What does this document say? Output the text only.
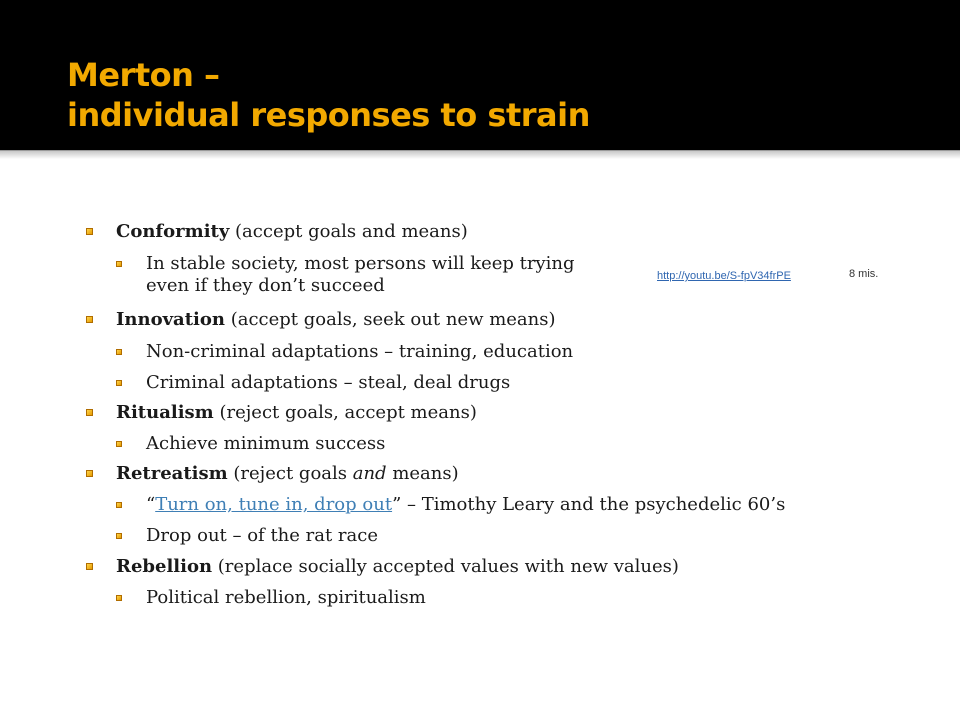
Merton –
individual responses to strain
Conformity (accept goals and means)
In stable society, most persons will keep trying
even if they don’t succeed
Innovation (accept goals, seek out new means)
Non-criminal adaptations – training, education
Criminal adaptations – steal, deal drugs
Ritualism (reject goals, accept means)
Achieve minimum success
Retreatism (reject goals and means)
“Turn on, tune in, drop out” – Timothy Leary and the psychedelic 60’s
Drop out – of the rat race
Rebellion (replace socially accepted values with new values)
Political rebellion, spiritualism
http://youtu.be/S-fpV34frPE	8 mis.
